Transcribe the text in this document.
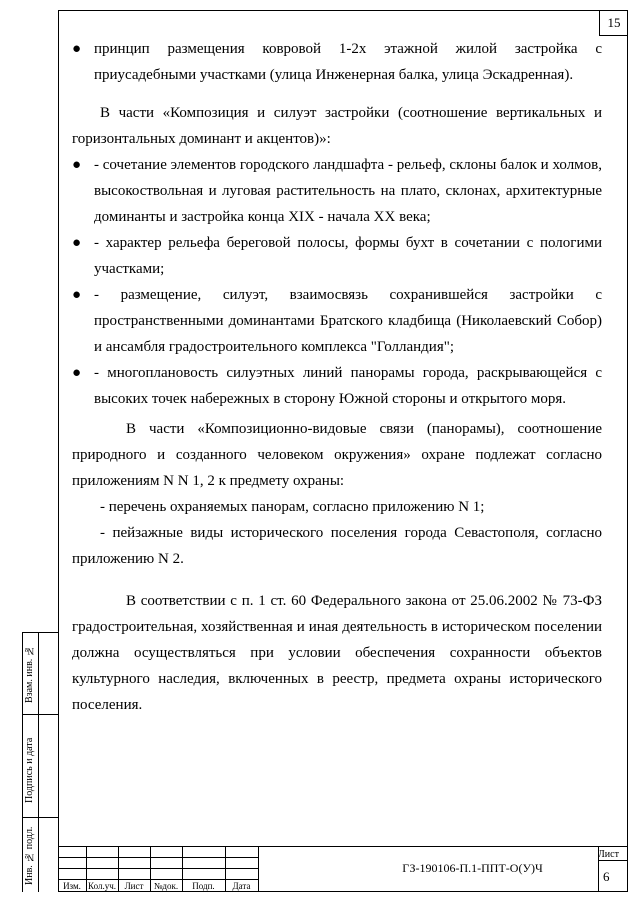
15

● принцип размещения ковровой 1-2х этажной жилой застройка с приусадебными участками (улица Инженерная балка, улица Эскадренная).

В части «Композиция и силуэт застройки (соотношение вертикальных и горизонтальных доминант и акцентов)»:

● - сочетание элементов городского ландшафта - рельеф, склоны балок и холмов, высокоствольная и луговая растительность на плато, склонах, архитектурные доминанты и застройка конца XIX - начала XX века;

● - характер рельефа береговой полосы, формы бухт в сочетании с пологими участками;

● - размещение, силуэт, взаимосвязь сохранившейся застройки с пространственными доминантами Братского кладбища (Николаевский Собор) и ансамбля градостроительного комплекса "Голландия";

● - многоплановость силуэтных линий панорамы города, раскрывающейся с высоких точек набережных в сторону Южной стороны и открытого моря.

В части «Композиционно-видовые связи (панорамы), соотношение природного и созданного человеком окружения» охране подлежат согласно приложениям N N 1, 2 к предмету охраны:

- перечень охраняемых панорам, согласно приложению N 1;

- пейзажные виды исторического поселения города Севастополя, согласно приложению N 2.

В соответствии с п. 1 ст. 60 Федерального закона от 25.06.2002 № 73-ФЗ градостроительная, хозяйственная и иная деятельность в историческом поселении должна осуществляться при условии обеспечения сохранности объектов культурного наследия, включенных в реестр, предмета охраны исторического поселения.

Взам. инв. №
Подпись и дата
Инв. № подл.
Изм. Кол.уч. Лист	№док.	Подп.	Дата
ГЗ-190106-П.1-ППТ-О(У)Ч
Лист
6
